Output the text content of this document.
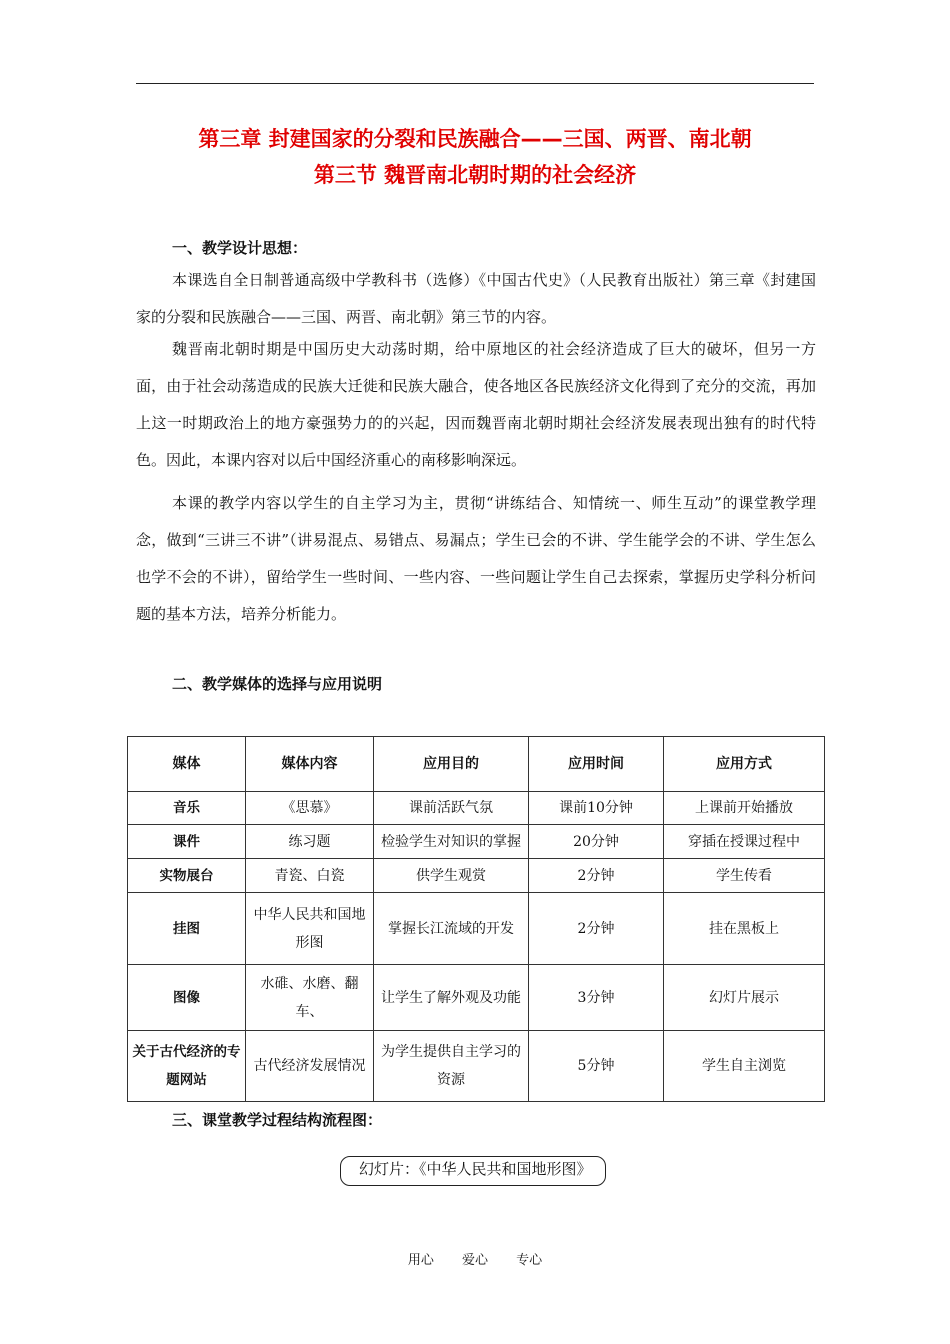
第三章 封建国家的分裂和民族融合——三国、两晋、南北朝
第三节 魏晋南北朝时期的社会经济
一、教学设计思想：
本课选自全日制普通高级中学教科书（选修）《中国古代史》（人民教育出版社）第三章《封建国家的分裂和民族融合——三国、两晋、南北朝》第三节的内容。
魏晋南北朝时期是中国历史大动荡时期，给中原地区的社会经济造成了巨大的破坏，但另一方面，由于社会动荡造成的民族大迁徙和民族大融合，使各地区各民族经济文化得到了充分的交流，再加上这一时期政治上的地方豪强势力的的兴起，因而魏晋南北朝时期社会经济发展表现出独有的时代特色。因此，本课内容对以后中国经济重心的南移影响深远。
本课的教学内容以学生的自主学习为主，贯彻“讲练结合、知情统一、师生互动”的课堂教学理念，做到“三讲三不讲”（讲易混点、易错点、易漏点；学生已会的不讲、学生能学会的不讲、学生怎么也学不会的不讲），留给学生一些时间、一些内容、一些问题让学生自己去探索，掌握历史学科分析问题的基本方法，培养分析能力。
二、教学媒体的选择与应用说明
媒体	媒体内容	应用目的	应用时间	应用方式
音乐	《思慕》	课前活跃气氛	课前10分钟	上课前开始播放
课件	练习题	检验学生对知识的掌握	20分钟	穿插在授课过程中
实物展台	青瓷、白瓷	供学生观赏	2分钟	学生传看
挂图	中华人民共和国地形图	掌握长江流域的开发	2分钟	挂在黑板上
图像	水碓、水磨、翻车、	让学生了解外观及功能	3分钟	幻灯片展示
关于古代经济的专题网站	古代经济发展情况	为学生提供自主学习的资源	5分钟	学生自主浏览
三、课堂教学过程结构流程图：
幻灯片：《中华人民共和国地形图》
用心 爱心 专心
